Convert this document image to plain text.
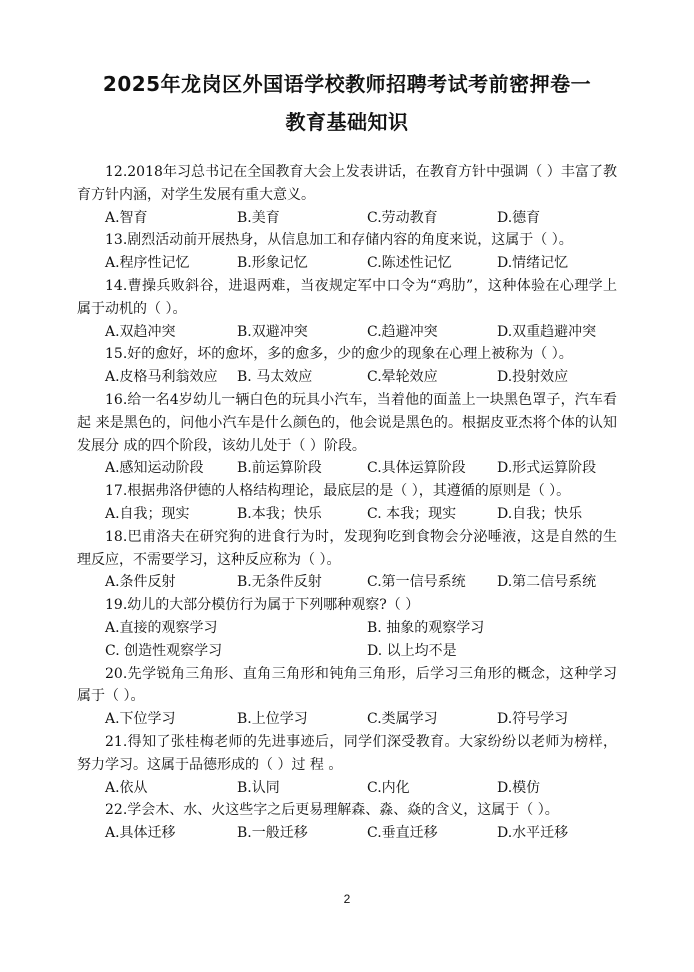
2025年龙岗区外国语学校教师招聘考试考前密押卷一
教育基础知识

12.2018年习总书记在全国教育大会上发表讲话，在教育方针中强调（ ）丰富了教育方针内涵，对学生发展有重大意义。

A.智育	B.美育	C.劳动教育	D.德育

13.剧烈活动前开展热身，从信息加工和存储内容的角度来说，这属于（ ）。

A.程序性记忆	B.形象记忆	C.陈述性记忆	D.情绪记忆

14.曹操兵败斜谷，进退两难，当夜规定军中口令为“鸡肋”，这种体验在心理学上属于动机的（ ）。

A.双趋冲突	B.双避冲突	C.趋避冲突	D.双重趋避冲突

15.好的愈好，坏的愈坏，多的愈多，少的愈少的现象在心理上被称为（ ）。

A.皮格马利翁效应	B. 马太效应	C.晕轮效应	D.投射效应

16.给一名4岁幼儿一辆白色的玩具小汽车，当着他的面盖上一块黑色罩子，汽车看起 来是黑色的，问他小汽车是什么颜色的，他会说是黑色的。根据皮亚杰将个体的认知发展分 成的四个阶段，该幼儿处于（ ）阶段。

A.感知运动阶段	B.前运算阶段	C.具体运算阶段	D.形式运算阶段

17.根据弗洛伊德的人格结构理论，最底层的是（ ），其遵循的原则是（ ）。

A.自我；现实	B.本我；快乐	C. 本我；现实	D.自我；快乐

18.巴甫洛夫在研究狗的进食行为时，发现狗吃到食物会分泌唾液，这是自然的生理反应，不需要学习，这种反应称为（ ）。

A.条件反射	B.无条件反射	C.第一信号系统	D.第二信号系统

19.幼儿的大部分模仿行为属于下列哪种观察?（ ）

A.直接的观察学习	B. 抽象的观察学习
C. 创造性观察学习	D. 以上均不是

20.先学锐角三角形、直角三角形和钝角三角形，后学习三角形的概念，这种学习属于（ ）。

A.下位学习	B.上位学习	C.类属学习	D.符号学习

21.得知了张桂梅老师的先进事迹后，同学们深受教育。大家纷纷以老师为榜样，努力学习。这属于品德形成的（ ）过 程 。

A.依从	B.认同	C.内化	D.模仿

22.学会木、水、火这些字之后更易理解森、淼、焱的含义，这属于（ ）。

A.具体迁移	B.一般迁移	C.垂直迁移	D.水平迁移
2
